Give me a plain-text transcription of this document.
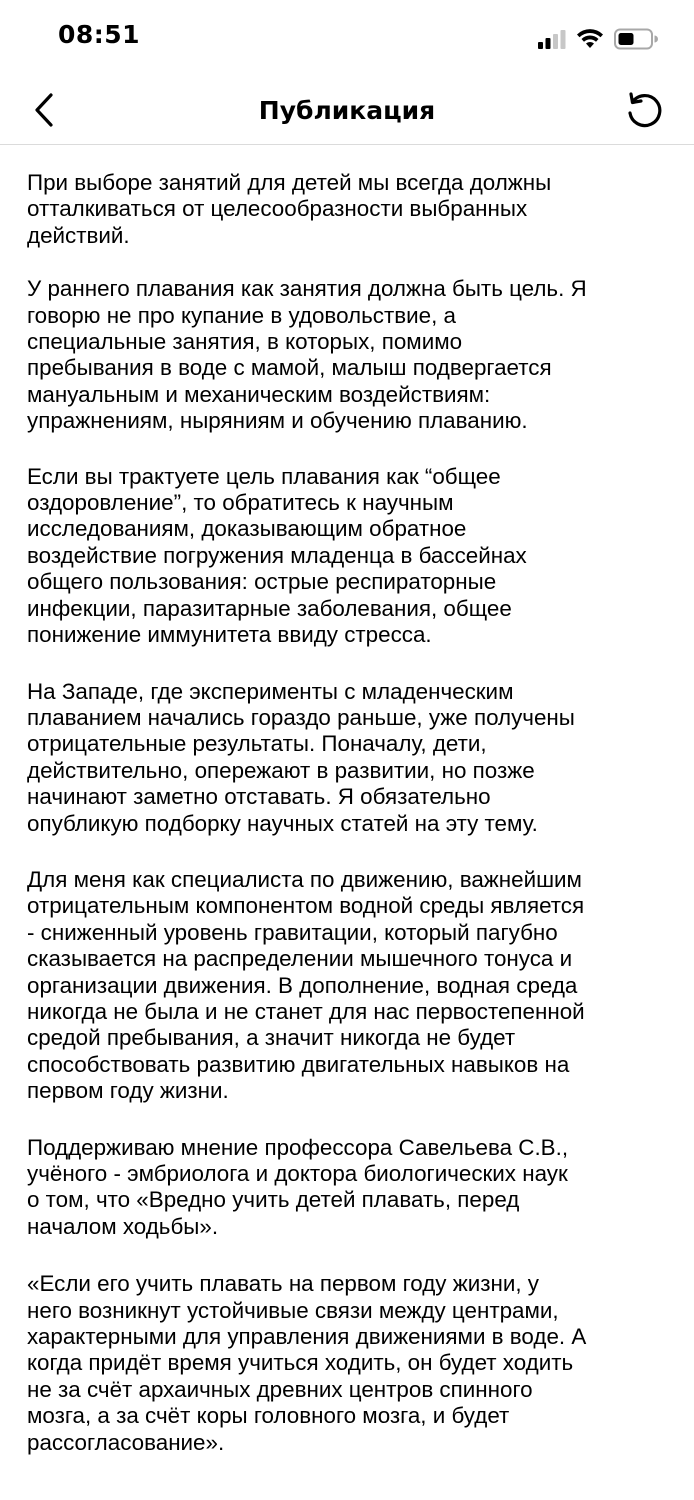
08:51
Публикация

При выборе занятий для детей мы всегда должны
отталкиваться от целесообразности выбранных
действий.

У раннего плавания как занятия должна быть цель. Я
говорю не про купание в удовольствие, а
специальные занятия, в которых, помимо
пребывания в воде с мамой, малыш подвергается
мануальным и механическим воздействиям:
упражнениям, ныряниям и обучению плаванию.

Если вы трактуете цель плавания как “общее
оздоровление”, то обратитесь к научным
исследованиям, доказывающим обратное
воздействие погружения младенца в бассейнах
общего пользования: острые респираторные
инфекции, паразитарные заболевания, общее
понижение иммунитета ввиду стресса.

На Западе, где эксперименты с младенческим
плаванием начались гораздо раньше, уже получены
отрицательные результаты. Поначалу, дети,
действительно, опережают в развитии, но позже
начинают заметно отставать. Я обязательно
опубликую подборку научных статей на эту тему.

Для меня как специалиста по движению, важнейшим
отрицательным компонентом водной среды является
- сниженный уровень гравитации, который пагубно
сказывается на распределении мышечного тонуса и
организации движения. В дополнение, водная среда
никогда не была и не станет для нас первостепенной
средой пребывания, а значит никогда не будет
способствовать развитию двигательных навыков на
первом году жизни.

Поддерживаю мнение профессора Савельева С.В.,
учёного - эмбриолога и доктора биологических наук
о том, что «Вредно учить детей плавать, перед
началом ходьбы».

«Если его учить плавать на первом году жизни, у
него возникнут устойчивые связи между центрами,
характерными для управления движениями в воде. А
когда придёт время учиться ходить, он будет ходить
не за счёт архаичных древних центров спинного
мозга, а за счёт коры головного мозга, и будет
рассогласование».
